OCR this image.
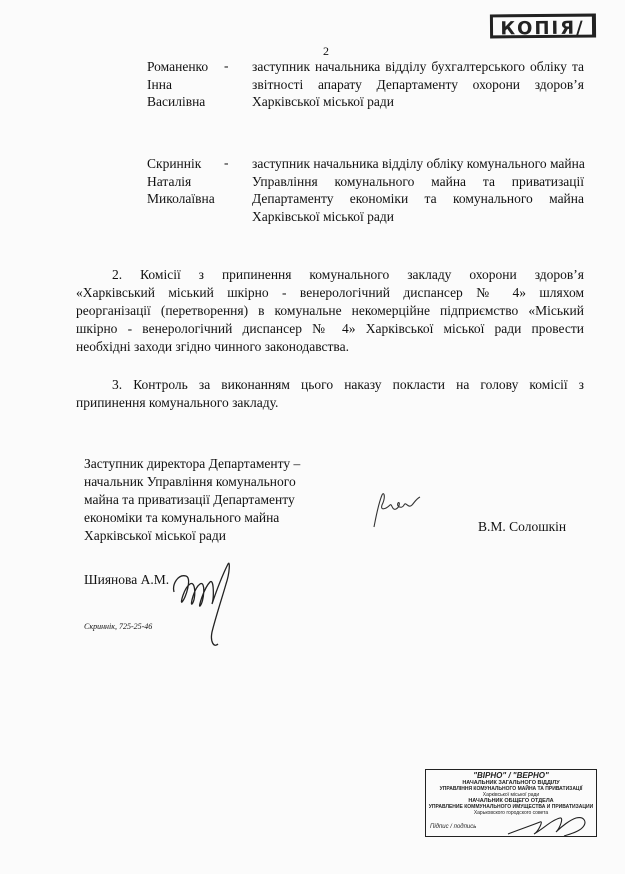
КОПІЯ/
2
Романенко
Інна
Василівна
- заступник начальника відділу бухгалтерського обліку та
звітності апарату Департаменту охорони здоров’я
Харківської міської ради
Скриннік
Наталія
Миколаївна
- заступник начальника відділу обліку комунального майна
Управління комунального майна та приватизації
Департаменту економіки та комунального майна
Харківської міської ради
2. Комісії з припинення комунального закладу охорони здоров’я
«Харківський міський шкірно - венерологічний диспансер № 4» шляхом
реорганізації (перетворення) в комунальне некомерційне підприємство «Міський
шкірно - венерологічний диспансер № 4» Харківської міської ради провести
необхідні заходи згідно чинного законодавства.
3. Контроль за виконанням цього наказу покласти на голову комісії з
припинення комунального закладу.
Заступник директора Департаменту –
начальник Управління комунального
майна та приватизації Департаменту
економіки та комунального майна
Харківської міської ради
В.М. Солошкін
Шиянова А.М.
Скриннік, 725-25-46
"ВІРНО" / "ВЕРНО"
НАЧАЛЬНИК ЗАГАЛЬНОГО ВІДДІЛУ
УПРАВЛІННЯ КОМУНАЛЬНОГО МАЙНА ТА ПРИВАТИЗАЦІЇ
Харківської міської ради
НАЧАЛЬНИК ОБЩЕГО ОТДЕЛА
УПРАВЛЕНИЕ КОММУНАЛЬНОГО ИМУЩЕСТВА И ПРИВАТИЗАЦИИ
Харьковского городского совета
Підпис / подпись
